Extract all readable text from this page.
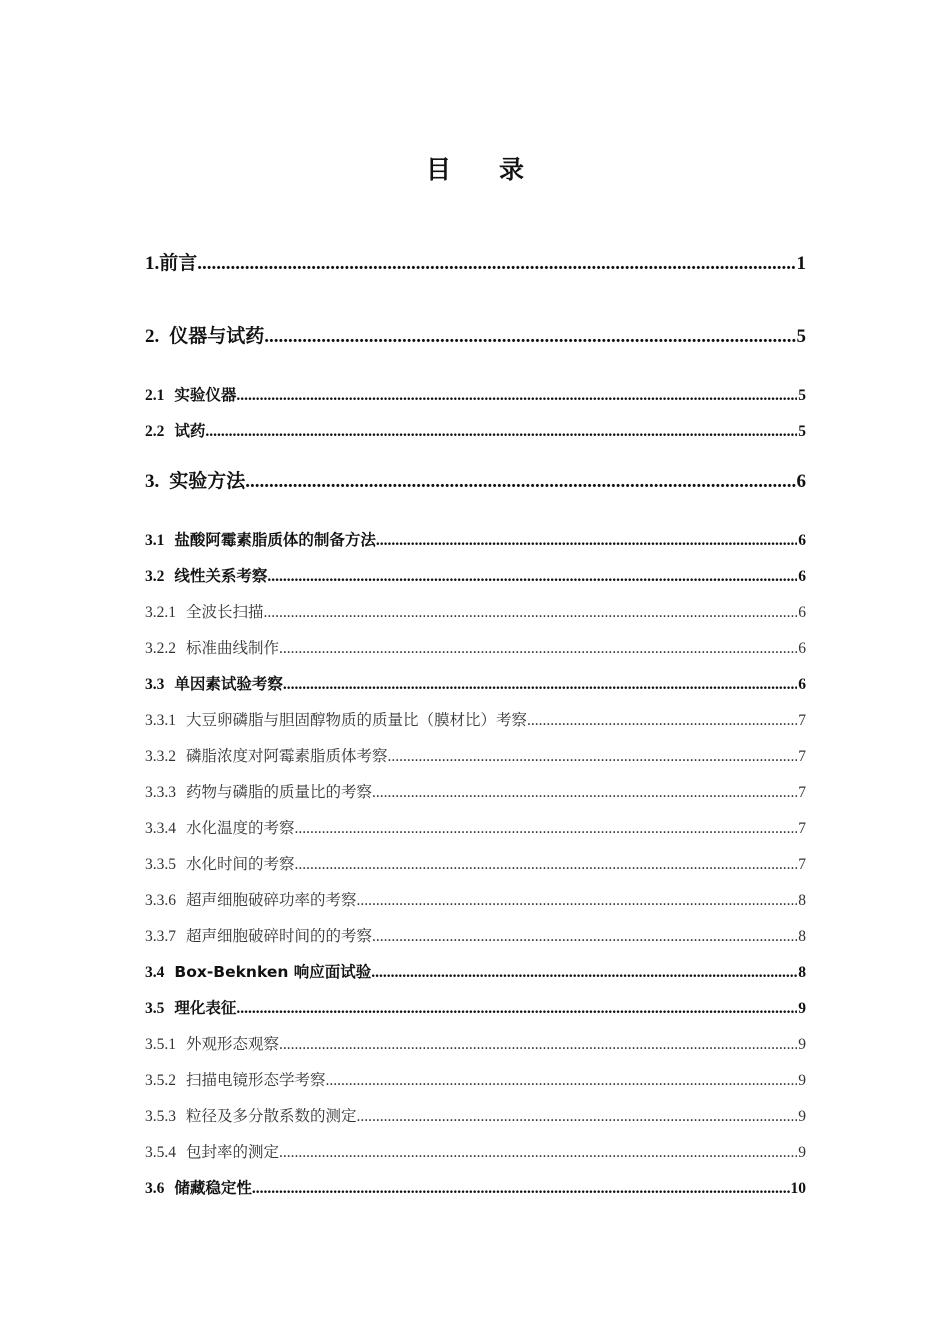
目 录
1.前言 .....	1
2. 仪器与试药 .....	5
2.1 实验仪器 .....	5
2.2 试药 .....	5
3. 实验方法 .....	6
3.1 盐酸阿霉素脂质体的制备方法 .....	6
3.2 线性关系考察 .....	6
3.2.1 全波长扫描 .....	6
3.2.2 标准曲线制作 .....	6
3.3 单因素试验考察 .....	6
3.3.1 大豆卵磷脂与胆固醇物质的质量比（膜材比）考察 .....	7
3.3.2 磷脂浓度对阿霉素脂质体考察 .....	7
3.3.3 药物与磷脂的质量比的考察 .....	7
3.3.4 水化温度的考察 .....	7
3.3.5 水化时间的考察 .....	7
3.3.6 超声细胞破碎功率的考察 .....	8
3.3.7 超声细胞破碎时间的的考察 .....	8
3.4 Box-Beknken 响应面试验 .....	8
3.5 理化表征 .....	9
3.5.1 外观形态观察 .....	9
3.5.2 扫描电镜形态学考察 .....	9
3.5.3 粒径及多分散系数的测定 .....	9
3.5.4 包封率的测定 .....	9
3.6 储藏稳定性 .....	10
